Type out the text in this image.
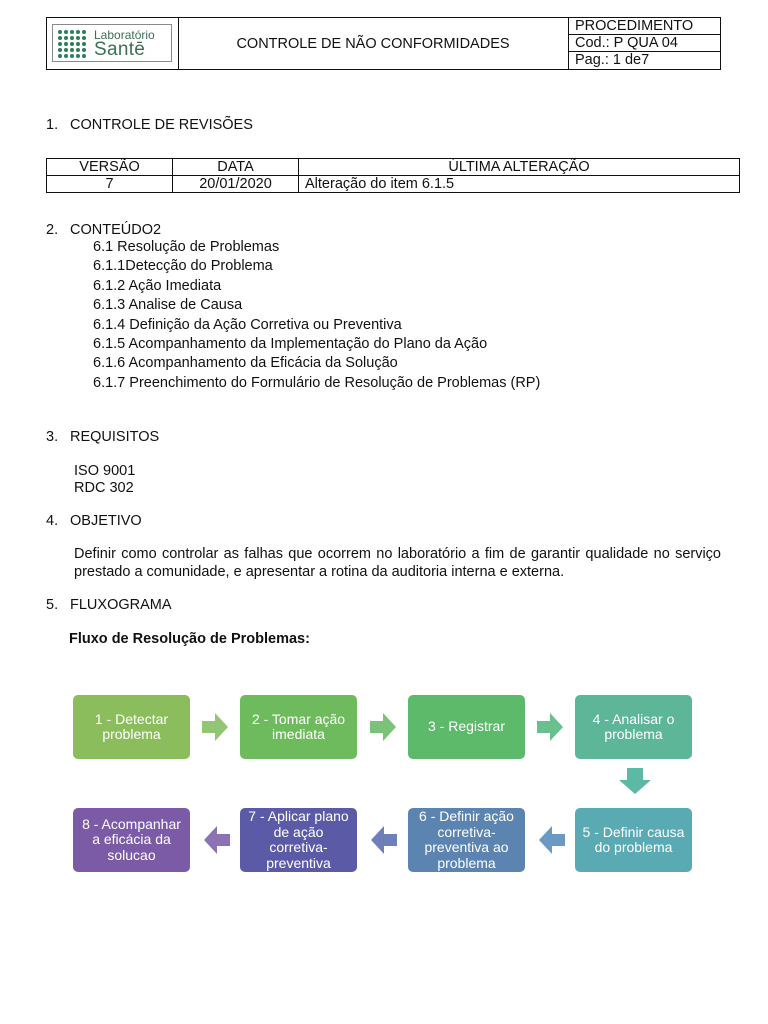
Laboratório
Santē	CONTROLE DE NÃO CONFORMIDADES
PROCEDIMENTO
Cod.: P QUA 04
Pag.: 1 de7
1. CONTROLE DE REVISÕES
VERSÃO	DATA	ÚLTIMA ALTERAÇÃO
7	20/01/2020	Alteração do item 6.1.5
2. CONTEÚDO2
6.1 Resolução de Problemas
6.1.1Detecção do Problema
6.1.2 Ação Imediata
6.1.3 Analise de Causa
6.1.4 Definição da Ação Corretiva ou Preventiva
6.1.5 Acompanhamento da Implementação do Plano da Ação
6.1.6 Acompanhamento da Eficácia da Solução
6.1.7 Preenchimento do Formulário de Resolução de Problemas (RP)
3. REQUISITOS
ISO 9001
RDC 302
4. OBJETIVO
Definir como controlar as falhas que ocorrem no laboratório a fim de garantir qualidade no serviço prestado a comunidade, e apresentar a rotina da auditoria interna e externa.
5. FLUXOGRAMA
Fluxo de Resolução de Problemas:
1 - Detectar problema
2 - Tomar ação imediata	3 - Registrar	4 - Analisar o problema
5 - Definir causa do problema
6 - Definir ação corretiva-preventiva ao problema
7 - Aplicar plano de ação corretiva-preventiva
8 - Acompanhar a eficácia da solucao
